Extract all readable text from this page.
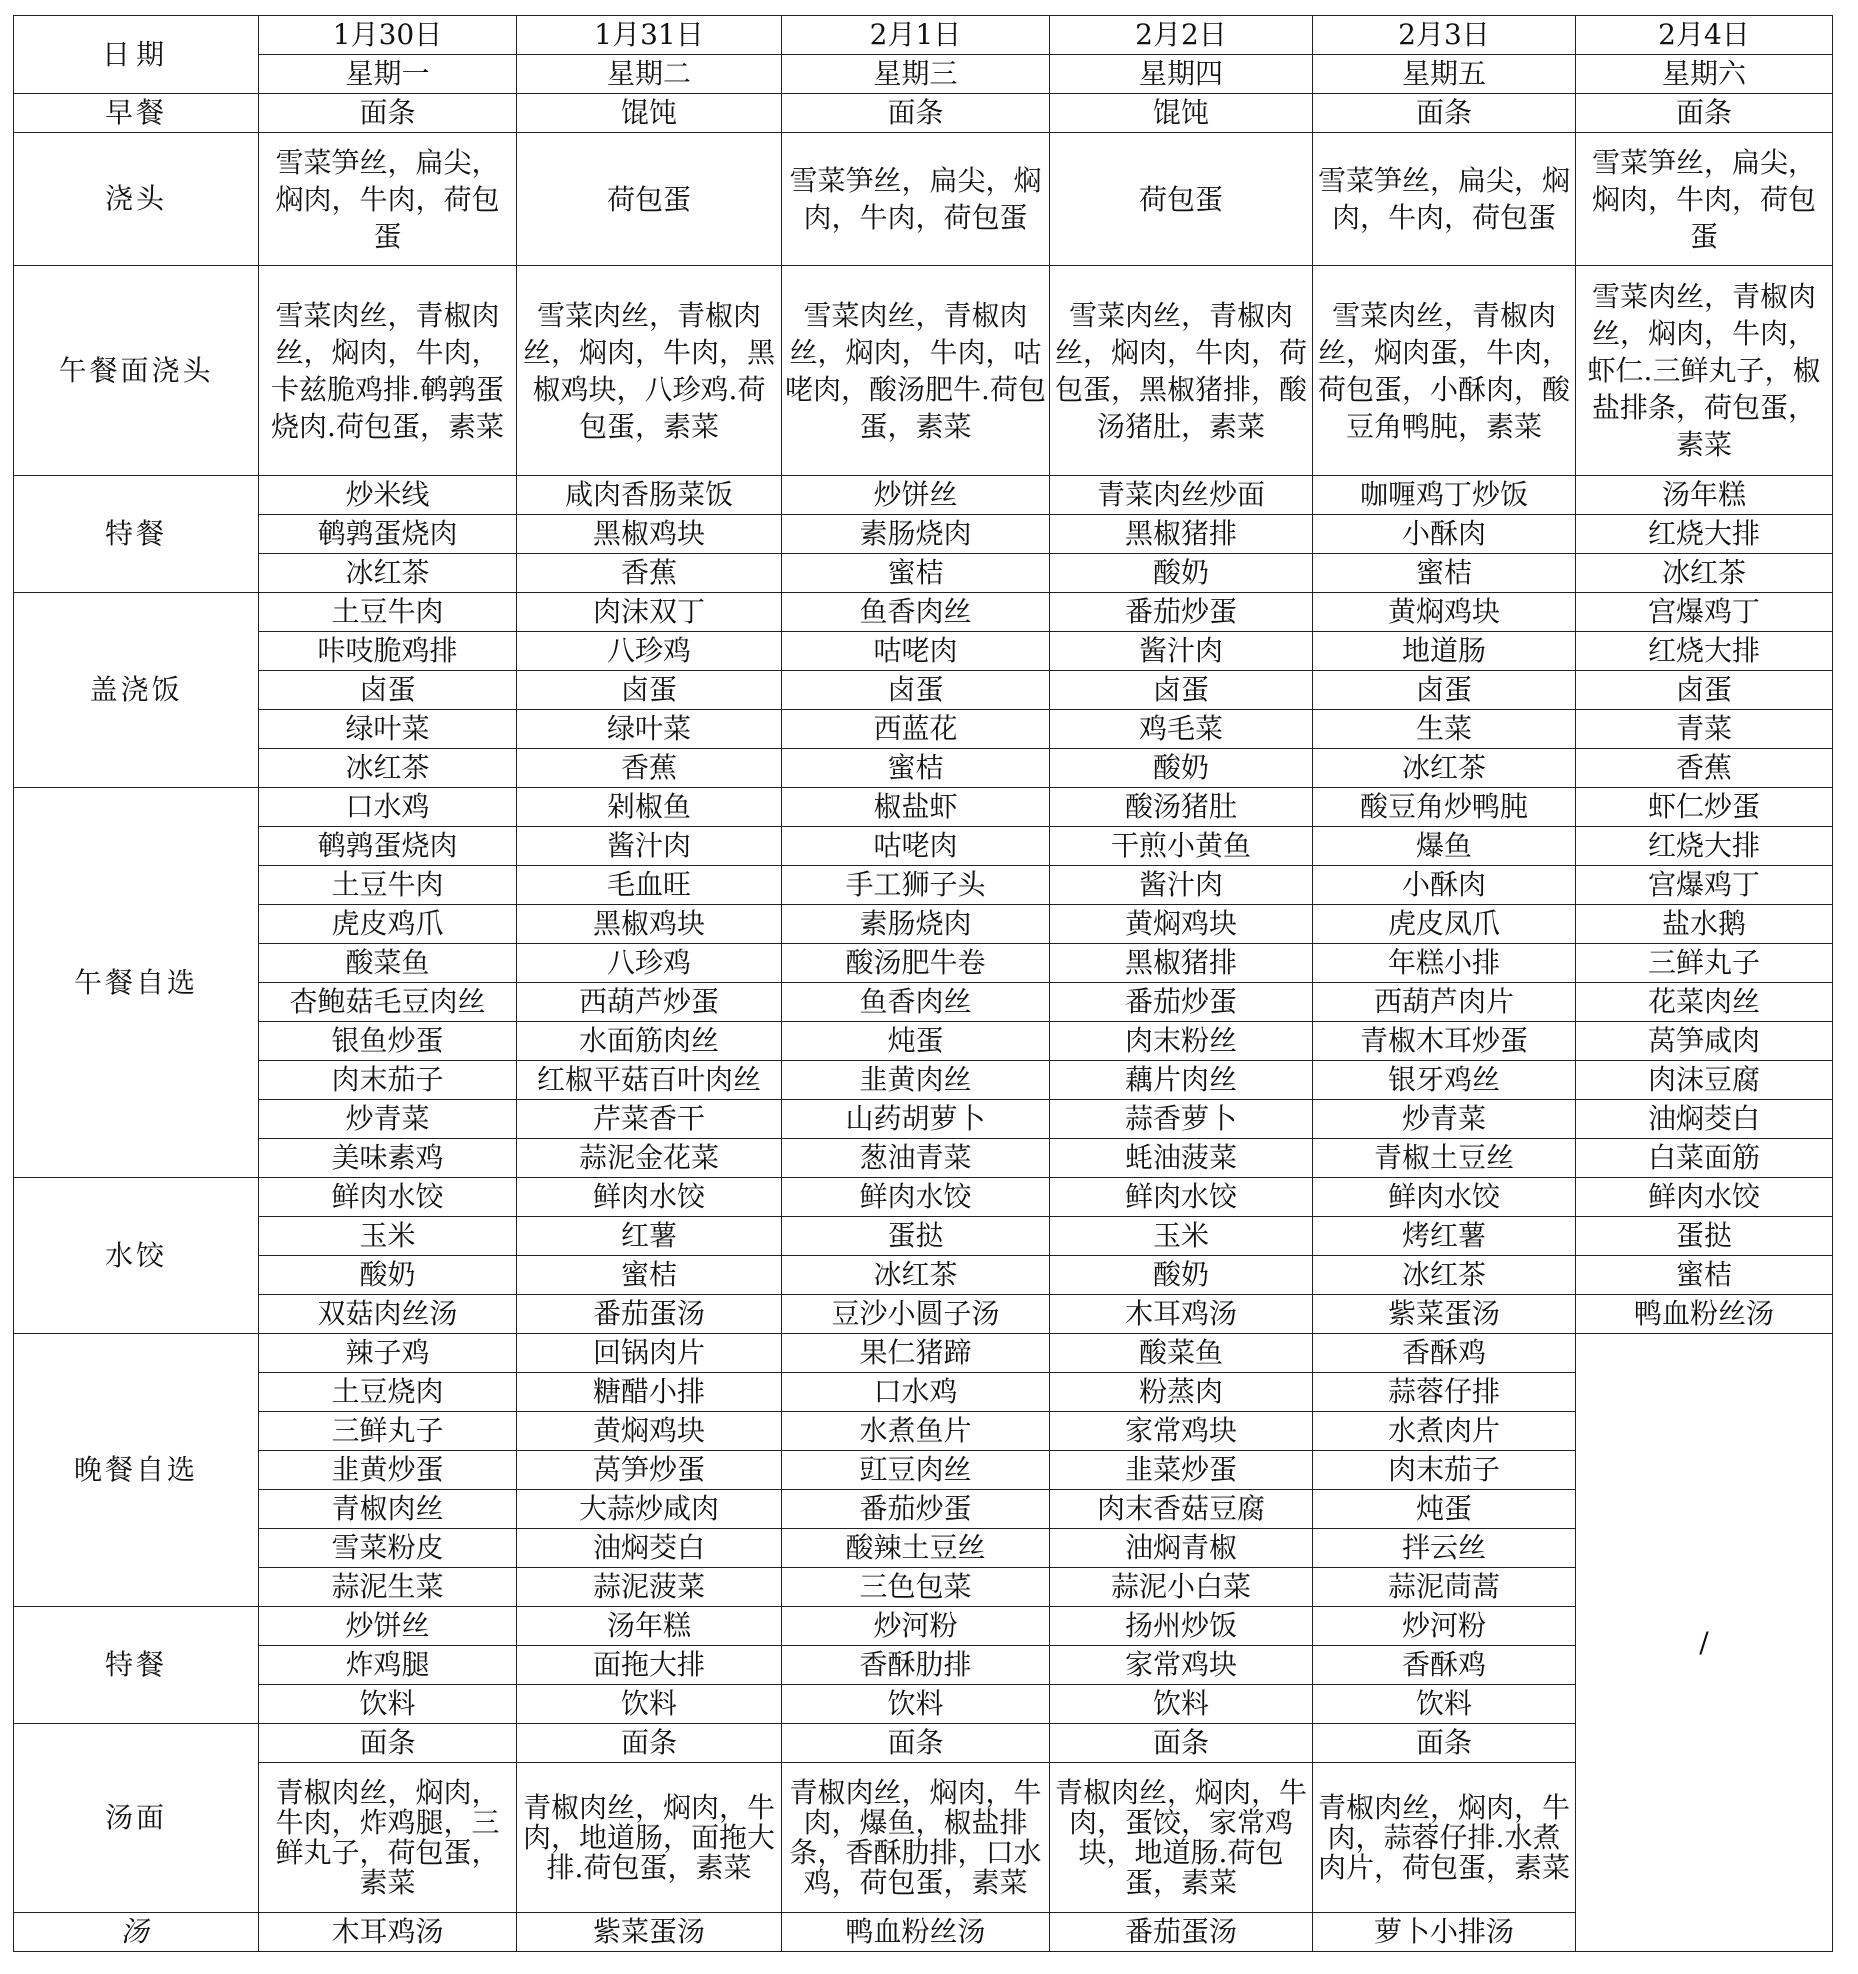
日期	1月30日	1月31日	2月1日	2月2日	2月3日	2月4日
	星期一	星期二	星期三	星期四	星期五	星期六
早餐	面条	馄饨	面条	馄饨	面条	面条
浇头	雪菜笋丝，扁尖，焖肉，牛肉，荷包蛋	荷包蛋	雪菜笋丝，扁尖，焖肉，牛肉，荷包蛋	荷包蛋	雪菜笋丝，扁尖，焖肉，牛肉，荷包蛋	雪菜笋丝，扁尖，焖肉，牛肉，荷包蛋
午餐面浇头	雪菜肉丝，青椒肉丝，焖肉，牛肉，卡兹脆鸡排.鹌鹑蛋烧肉.荷包蛋，素菜	雪菜肉丝，青椒肉丝，焖肉，牛肉，黑椒鸡块，八珍鸡.荷包蛋，素菜	雪菜肉丝，青椒肉丝，焖肉，牛肉，咕咾肉，酸汤肥牛.荷包蛋，素菜	雪菜肉丝，青椒肉丝，焖肉，牛肉，荷包蛋，黑椒猪排，酸汤猪肚，素菜	雪菜肉丝，青椒肉丝，焖肉蛋，牛肉，荷包蛋，小酥肉，酸豆角鸭肫，素菜	雪菜肉丝，青椒肉丝，焖肉，牛肉，虾仁.三鲜丸子，椒盐排条，荷包蛋，素菜
特餐	炒米线	咸肉香肠菜饭	炒饼丝	青菜肉丝炒面	咖喱鸡丁炒饭	汤年糕
	鹌鹑蛋烧肉	黑椒鸡块	素肠烧肉	黑椒猪排	小酥肉	红烧大排
	冰红茶	香蕉	蜜桔	酸奶	蜜桔	冰红茶
盖浇饭	土豆牛肉	肉沫双丁	鱼香肉丝	番茄炒蛋	黄焖鸡块	宫爆鸡丁
	咔吱脆鸡排	八珍鸡	咕咾肉	酱汁肉	地道肠	红烧大排
	卤蛋	卤蛋	卤蛋	卤蛋	卤蛋	卤蛋
	绿叶菜	绿叶菜	西蓝花	鸡毛菜	生菜	青菜
	冰红茶	香蕉	蜜桔	酸奶	冰红茶	香蕉
午餐自选	口水鸡	剁椒鱼	椒盐虾	酸汤猪肚	酸豆角炒鸭肫	虾仁炒蛋
	鹌鹑蛋烧肉	酱汁肉	咕咾肉	干煎小黄鱼	爆鱼	红烧大排
	土豆牛肉	毛血旺	手工狮子头	酱汁肉	小酥肉	宫爆鸡丁
	虎皮鸡爪	黑椒鸡块	素肠烧肉	黄焖鸡块	虎皮凤爪	盐水鹅
	酸菜鱼	八珍鸡	酸汤肥牛卷	黑椒猪排	年糕小排	三鲜丸子
	杏鲍菇毛豆肉丝	西葫芦炒蛋	鱼香肉丝	番茄炒蛋	西葫芦肉片	花菜肉丝
	银鱼炒蛋	水面筋肉丝	炖蛋	肉末粉丝	青椒木耳炒蛋	莴笋咸肉
	肉末茄子	红椒平菇百叶肉丝	韭黄肉丝	藕片肉丝	银牙鸡丝	肉沫豆腐
	炒青菜	芹菜香干	山药胡萝卜	蒜香萝卜	炒青菜	油焖茭白
	美味素鸡	蒜泥金花菜	葱油青菜	蚝油菠菜	青椒土豆丝	白菜面筋
水饺	鲜肉水饺	鲜肉水饺	鲜肉水饺	鲜肉水饺	鲜肉水饺	鲜肉水饺
	玉米	红薯	蛋挞	玉米	烤红薯	蛋挞
	酸奶	蜜桔	冰红茶	酸奶	冰红茶	蜜桔
	双菇肉丝汤	番茄蛋汤	豆沙小圆子汤	木耳鸡汤	紫菜蛋汤	鸭血粉丝汤
晚餐自选	辣子鸡	回锅肉片	果仁猪蹄	酸菜鱼	香酥鸡	/
	土豆烧肉	糖醋小排	口水鸡	粉蒸肉	蒜蓉仔排	
	三鲜丸子	黄焖鸡块	水煮鱼片	家常鸡块	水煮肉片	
	韭黄炒蛋	莴笋炒蛋	豇豆肉丝	韭菜炒蛋	肉末茄子	
	青椒肉丝	大蒜炒咸肉	番茄炒蛋	肉末香菇豆腐	炖蛋	
	雪菜粉皮	油焖茭白	酸辣土豆丝	油焖青椒	拌云丝	
	蒜泥生菜	蒜泥菠菜	三色包菜	蒜泥小白菜	蒜泥茼蒿	
特餐	炒饼丝	汤年糕	炒河粉	扬州炒饭	炒河粉	
	炸鸡腿	面拖大排	香酥肋排	家常鸡块	香酥鸡	
	饮料	饮料	饮料	饮料	饮料	
汤面	面条	面条	面条	面条	面条	
	青椒肉丝，焖肉，牛肉，炸鸡腿，三鲜丸子，荷包蛋，素菜	青椒肉丝，焖肉，牛肉，地道肠，面拖大排.荷包蛋，素菜	青椒肉丝，焖肉，牛肉，爆鱼，椒盐排条，香酥肋排，口水鸡，荷包蛋，素菜	青椒肉丝，焖肉，牛肉，蛋饺，家常鸡块，地道肠.荷包蛋，素菜	青椒肉丝，焖肉，牛肉，蒜蓉仔排.水煮肉片，荷包蛋，素菜	
汤	木耳鸡汤	紫菜蛋汤	鸭血粉丝汤	番茄蛋汤	萝卜小排汤	
